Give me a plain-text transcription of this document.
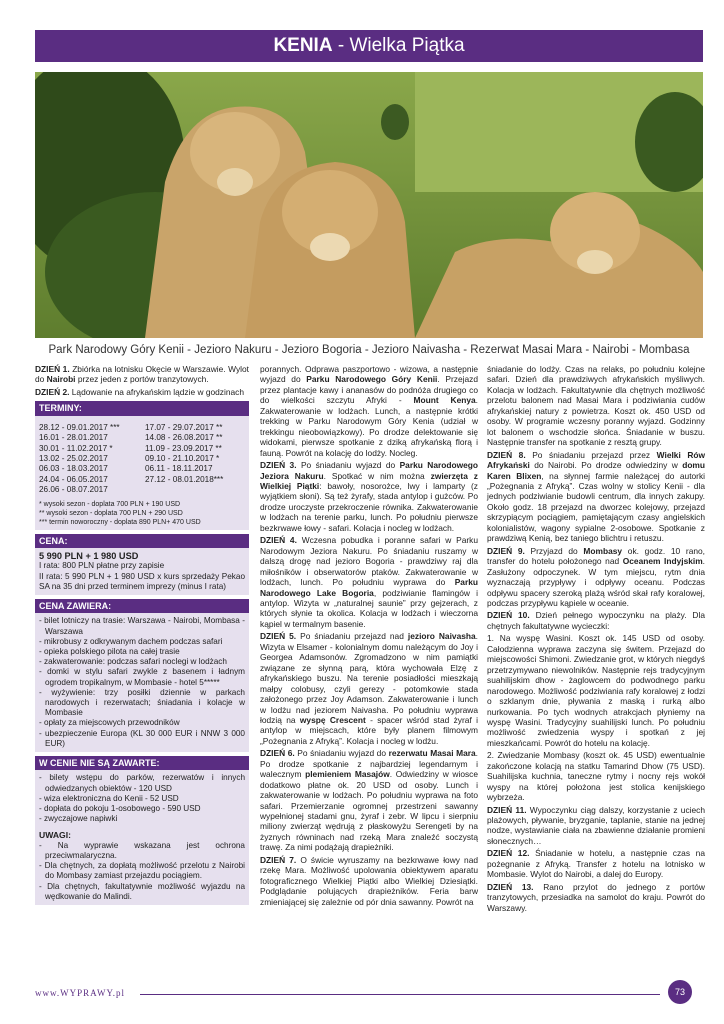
KENIA - Wielka Piątka
Park Narodowy Góry Kenii - Jezioro Nakuru - Jezioro Bogoria - Jezioro Naivasha - Rezerwat Masai Mara - Nairobi - Mombasa

DZIEŃ 1. Zbiórka na lotnisku Okęcie w Warszawie. Wylot do Nairobi przez jeden z portów tranzytowych.

DZIEŃ 2. Lądowanie na afrykańskim lądzie w godzinach

TERMINY:
28.12 - 09.01.2017 ***
16.01 - 28.01.2017
30.01 - 11.02.2017 *
13.02 - 25.02.2017
06.03 - 18.03.2017
24.04 - 06.05.2017
26.06 - 08.07.2017
17.07 - 29.07.2017 **
14.08 - 26.08.2017 **
11.09 - 23.09.2017 **
09.10 - 21.10.2017 *
06.11 - 18.11.2017
27.12 - 08.01.2018***
* wysoki sezon - doplata 700 PLN + 190 USD
** wysoki sezon - doplata 700 PLN + 290 USD
*** termin noworoczny - doplata 890 PLN+ 470 USD
CENA:
5 990 PLN + 1 980 USD
I rata: 800 PLN płatne przy zapisie
II rata: 5 990 PLN + 1 980 USD x kurs sprzedaży Pekao SA na 35 dni przed terminem imprezy (minus I rata)
CENA ZAWIERA:
- bilet lotniczy na trasie: Warszawa - Nairobi, Mombasa - Warszawa
- mikrobusy z odkrywanym dachem podczas safari
- opieka polskiego pilota na całej trasie
- zakwaterowanie: podczas safari noclegi w lodżach
- domki w stylu safari zwykle z basenem i ładnym ogrodem tropikalnym, w Mombasie - hotel 5*****
- wyżywienie: trzy posiłki dziennie w parkach narodowych i rezerwatach; śniadania i kolacje w Mombasie
- opłaty za miejscowych przewodników
- ubezpieczenie Europa (KL 30 000 EUR i NNW 3 000 EUR)
W CENIE NIE SĄ ZAWARTE:
- bilety wstępu do parków, rezerwatów i innych odwiedzanych obiektów - 120 USD
- wiza elektroniczna do Kenii - 52 USD
- dopłata do pokoju 1-osobowego - 590 USD
- zwyczajowe napiwki
UWAGI:
- Na wyprawie wskazana jest ochrona przeciwmalaryczna.
- Dla chętnych, za dopłatą możliwość przelotu z Nairobi do Mombasy zamiast przejazdu pociągiem.
- Dla chętnych, fakultatywnie możliwość wyjazdu na wędkowanie do Malindi.

porannych. Odprawa paszportowo - wizowa, a następnie wyjazd do Parku Narodowego Góry Kenii. Przejazd przez plantacje kawy i ananasów do podnóża drugiego co do wielkości szczytu Afryki - Mount Kenya. Zakwaterowanie w lodżach. Lunch, a następnie krótki trekking w Parku Narodowym Góry Kenia (udział w trekkingu nieobowiązkowy). Po drodze delektowanie się widokami, pierwsze spotkanie z dziką afrykańską florą i fauną. Powrót na kolację do lodży. Nocleg.

DZIEŃ 3. Po śniadaniu wyjazd do Parku Narodowego Jeziora Nakuru. Spotkać w nim można zwierzęta z Wielkiej Piątki: bawoły, nosorożce, lwy i lamparty (z wyjątkiem słoni). Są też żyrafy, stada antylop i gużców. Po drodze uroczyste przekroczenie równika. Zakwaterowanie w lodżach na terenie parku, lunch. Po południu pierwsze bezkrwawe łowy - safari. Kolacja i nocleg w lodżach.

DZIEŃ 4. Wczesna pobudka i poranne safari w Parku Narodowym Jeziora Nakuru. Po śniadaniu ruszamy w dalszą drogę nad jezioro Bogoria - prawdziwy raj dla miłośników i obserwatorów ptaków. Zakwaterowanie w lodżach, lunch. Po południu wyprawa do Parku Narodowego Lake Bogoria, podziwianie flamingów i antylop. Wizyta w „naturalnej saunie” przy gejzerach, z których słynie ta okolica. Kolacja w lodżach i wieczorna kąpiel w termalnym basenie.

DZIEŃ 5. Po śniadaniu przejazd nad jezioro Naivasha. Wizyta w Elsamer - kolonialnym domu należącym do Joy i Georgea Adamsonów. Zgromadzono w nim pamiątki związane ze słynną parą, która wychowała Elzę z afrykańskiego buszu. Na terenie posiadłości mieszkają małpy colobusy, czyli gerezy - potomkowie stada założonego przez Joy Adamson. Zakwaterowanie i lunch w lodżu nad jeziorem Naivasha. Po południu wyprawa łodzią na wyspę Crescent - spacer wśród stad żyraf i antylop w miejscach, które były planem filmowym „Pożegnania z Afryką”. Kolacja i nocleg w lodżu.

DZIEŃ 6. Po śniadaniu wyjazd do rezerwatu Masai Mara. Po drodze spotkanie z najbardziej legendarnym i walecznym plemieniem Masajów. Odwiedziny w wiosce dodatkowo płatne ok. 20 USD od osoby. Lunch i zakwaterowanie w lodżach. Po południu wyprawa na foto safari. Przemierzanie ogromnej przestrzeni sawanny wypełnionej stadami gnu, żyraf i zebr. W lipcu i sierpniu miliony zwierząt wędrują z płaskowyżu Serengeti by na żyznych równinach nad rzeką Mara znaleźć soczystą trawę. Za nimi podążają drapieżniki.

DZIEŃ 7. O świcie wyruszamy na bezkrwawe łowy nad rzekę Mara. Możliwość upolowania obiektywem aparatu fotograficznego Wielkiej Piątki albo Wielkiej Dziesiątki. Podglądanie polujących drapieżników. Feria barw zmieniającej się zależnie od pór dnia sawanny. Powrót na

śniadanie do lodży. Czas na relaks, po południu kolejne safari. Dzień dla prawdziwych afrykańskich myśliwych. Kolacja w lodżach. Fakultatywnie dla chętnych możliwość przelotu balonem nad Masai Mara i podziwiania cudów afrykańskiej natury z powietrza. Koszt ok. 450 USD od osoby. W programie wczesny poranny wyjazd. Godzinny lot balonem o wschodzie słońca. Śniadanie w buszu. Następnie transfer na spotkanie z resztą grupy.

DZIEŃ 8. Po śniadaniu przejazd przez Wielki Rów Afrykański do Nairobi. Po drodze odwiedziny w domu Karen Blixen, na słynnej farmie należącej do autorki „Pożegnania z Afryką”. Czas wolny w stolicy Kenii - dla jednych podziwianie budowli centrum, dla innych zakupy. Około godz. 18 przejazd na dworzec kolejowy, przejazd skrzypiącym pociągiem, pamiętającym czasy angielskich kolonialistów, wagony sypialne 2-osobowe. Spotkanie z prawdziwą Kenią, bez taniego blichtru i retuszu.

DZIEŃ 9. Przyjazd do Mombasy ok. godz. 10 rano, transfer do hotelu położonego nad Oceanem Indyjskim. Zasłużony odpoczynek. W tym miejscu, rytm dnia wyznaczają przypływy i odpływy oceanu. Podczas odpływu spacery szeroką plażą wśród skał rafy koralowej, podczas przypływu kąpiele w oceanie.

DZIEŃ 10. Dzień pełnego wypoczynku na plaży. Dla chętnych fakultatywne wycieczki:

1. Na wyspę Wasini. Koszt ok. 145 USD od osoby. Całodzienna wyprawa zaczyna się świtem. Przejazd do miejscowości Shimoni. Zwiedzanie grot, w których niegdyś przetrzymywano niewolników. Następnie rejs tradycyjnym suahilijskim dhow - żaglowcem do podwodnego parku narodowego. Możliwość podziwiania rafy koralowej z łodzi o szklanym dnie, pływania z maską i rurką albo nurkowania. Po tych wodnych atrakcjach płyniemy na wyspę Wasini. Tradycyjny suahilijski lunch. Po południu możliwość zwiedzenia wyspy i spotkań z jej mieszkańcami. Powrót do hotelu na kolację.

2. Zwiedzanie Mombasy (koszt ok. 45 USD) ewentualnie zakończone kolacją na statku Tamarind Dhow (75 USD). Suahilijska kuchnia, taneczne rytmy i nocny rejs wokół wyspy na której położona jest stolica kenijskiego wybrzeża.

DZIEŃ 11. Wypoczynku ciąg dalszy, korzystanie z uciech plażowych, pływanie, bryzganie, taplanie, stanie na jednej nodze, wystawianie ciała na zbawienne działanie promieni słonecznych…

DZIEŃ 12. Śniadanie w hotelu, a następnie czas na pożegnanie z Afryką. Transfer z hotelu na lotnisko w Mombasie. Wylot do Nairobi, a dalej do Europy.

DZIEŃ 13. Rano przylot do jednego z portów tranzytowych, przesiadka na samolot do kraju. Powrót do Warszawy.

www.WYPRAWY.pl	73
